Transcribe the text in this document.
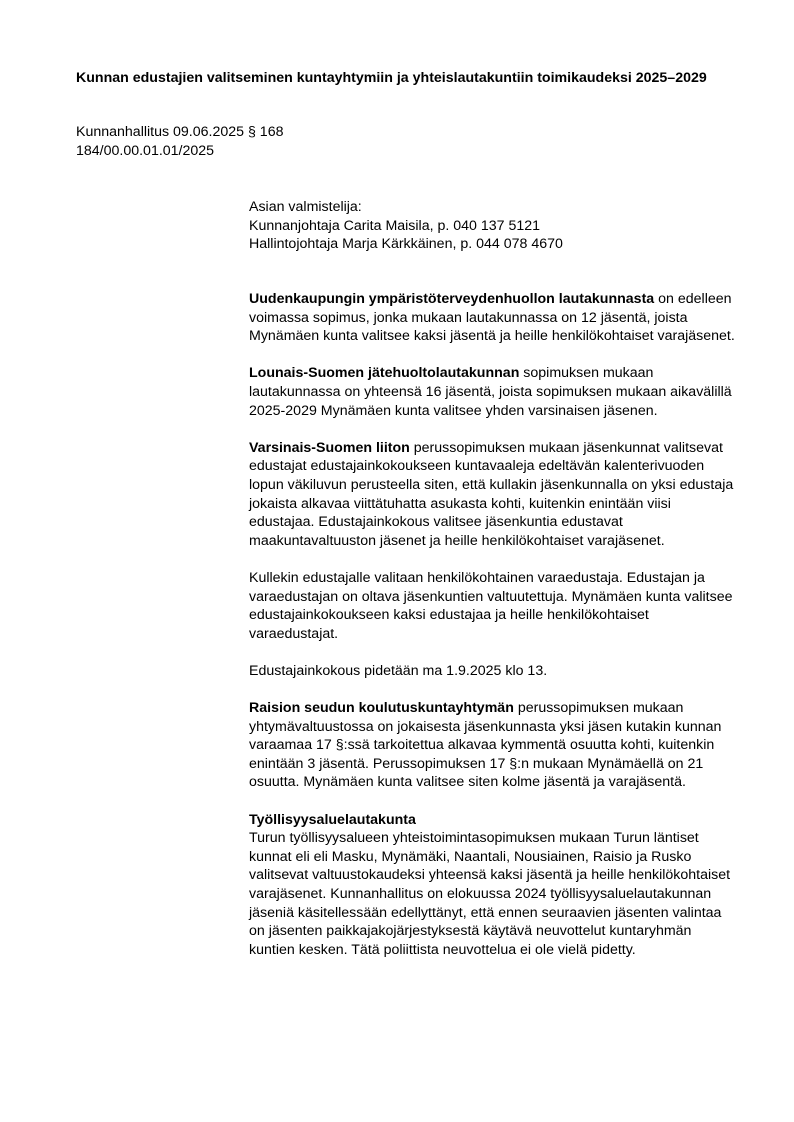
Kunnan edustajien valitseminen kuntayhtymiin ja yhteislautakuntiin toimikaudeksi 2025–2029
Kunnanhallitus 09.06.2025 § 168
184/00.00.01.01/2025
Asian valmistelija:
Kunnanjohtaja Carita Maisila, p. 040 137 5121
Hallintojohtaja Marja Kärkkäinen, p. 044 078 4670

Uudenkaupungin ympäristöterveydenhuollon lautakunnasta on edelleen voimassa sopimus, jonka mukaan lautakunnassa on 12 jäsentä, joista Mynämäen kunta valitsee kaksi jäsentä ja heille henkilökohtaiset varajäsenet.

Lounais-Suomen jätehuoltolautakunnan sopimuksen mukaan lautakunnassa on yhteensä 16 jäsentä, joista sopimuksen mukaan aikavälillä 2025-2029 Mynämäen kunta valitsee yhden varsinaisen jäsenen.

Varsinais-Suomen liiton perussopimuksen mukaan jäsenkunnat valitsevat edustajat edustajainkokoukseen kuntavaaleja edeltävän kalenterivuoden lopun väkiluvun perusteella siten, että kullakin jäsenkunnalla on yksi edustaja jokaista alkavaa viittätuhatta asukasta kohti, kuitenkin enintään viisi edustajaa. Edustajainkokous valitsee jäsenkuntia edustavat maakuntavaltuuston jäsenet ja heille henkilökohtaiset varajäsenet.

Kullekin edustajalle valitaan henkilökohtainen varaedustaja. Edustajan ja varaedustajan on oltava jäsenkuntien valtuutettuja. Mynämäen kunta valitsee edustajainkokoukseen kaksi edustajaa ja heille henkilökohtaiset varaedustajat.

Edustajainkokous pidetään ma 1.9.2025 klo 13.

Raision seudun koulutuskuntayhtymän perussopimuksen mukaan yhtymävaltuustossa on jokaisesta jäsenkunnasta yksi jäsen kutakin kunnan varaamaa 17 §:ssä tarkoitettua alkavaa kymmentä osuutta kohti, kuitenkin enintään 3 jäsentä. Perussopimuksen 17 §:n mukaan Mynämäellä on 21 osuutta. Mynämäen kunta valitsee siten kolme jäsentä ja varajäsentä.

Työllisyysaluelautakunta
Turun työllisyysalueen yhteistoimintasopimuksen mukaan Turun läntiset kunnat eli eli Masku, Mynämäki, Naantali, Nousiainen, Raisio ja Rusko valitsevat valtuustokaudeksi yhteensä kaksi jäsentä ja heille henkilökohtaiset varajäsenet. Kunnanhallitus on elokuussa 2024 työllisyysaluelautakunnan jäseniä käsitellessään edellyttänyt, että ennen seuraavien jäsenten valintaa on jäsenten paikkajakojärjestyksestä käytävä neuvottelut kuntaryhmän kuntien kesken. Tätä poliittista neuvottelua ei ole vielä pidetty.
